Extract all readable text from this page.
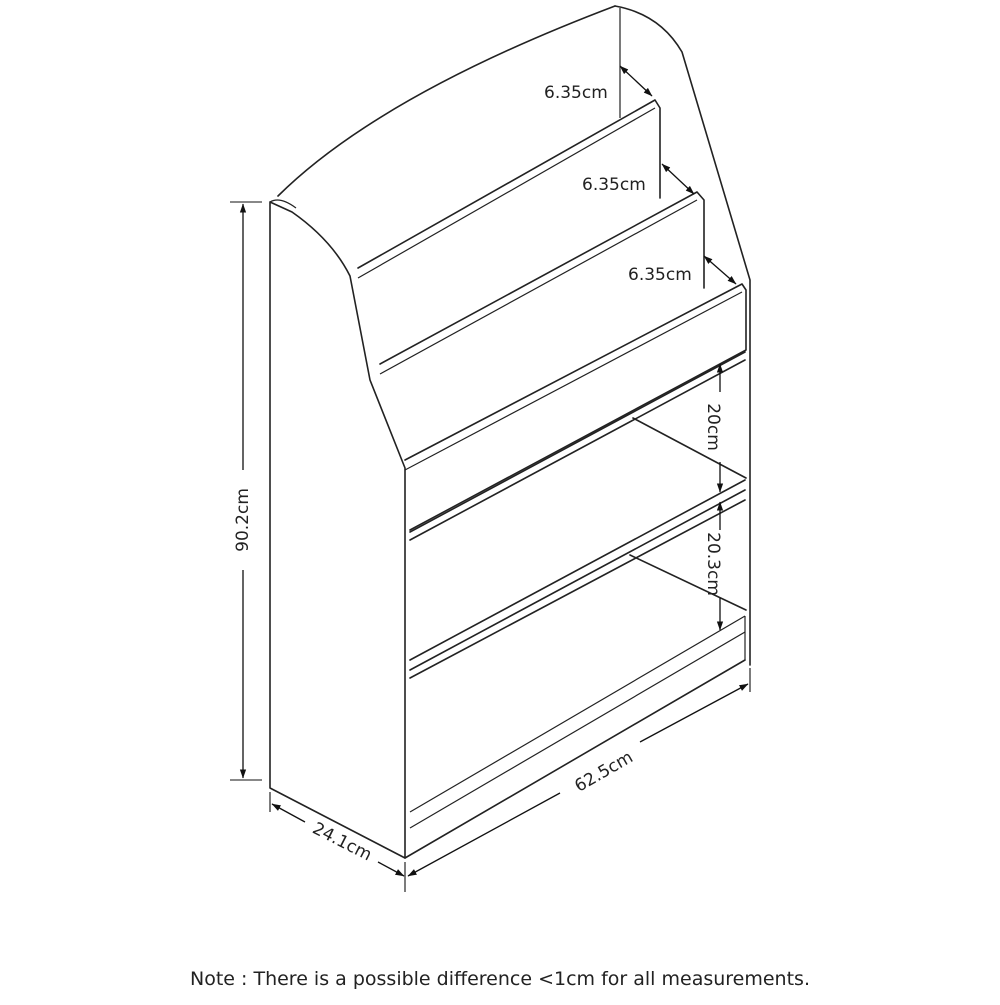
6.35cm
6.35cm
6.35cm
20cm
20.3cm
90.2cm
62.5cm
24.1cm

Note : There is a possible difference <1cm for all measurements.
